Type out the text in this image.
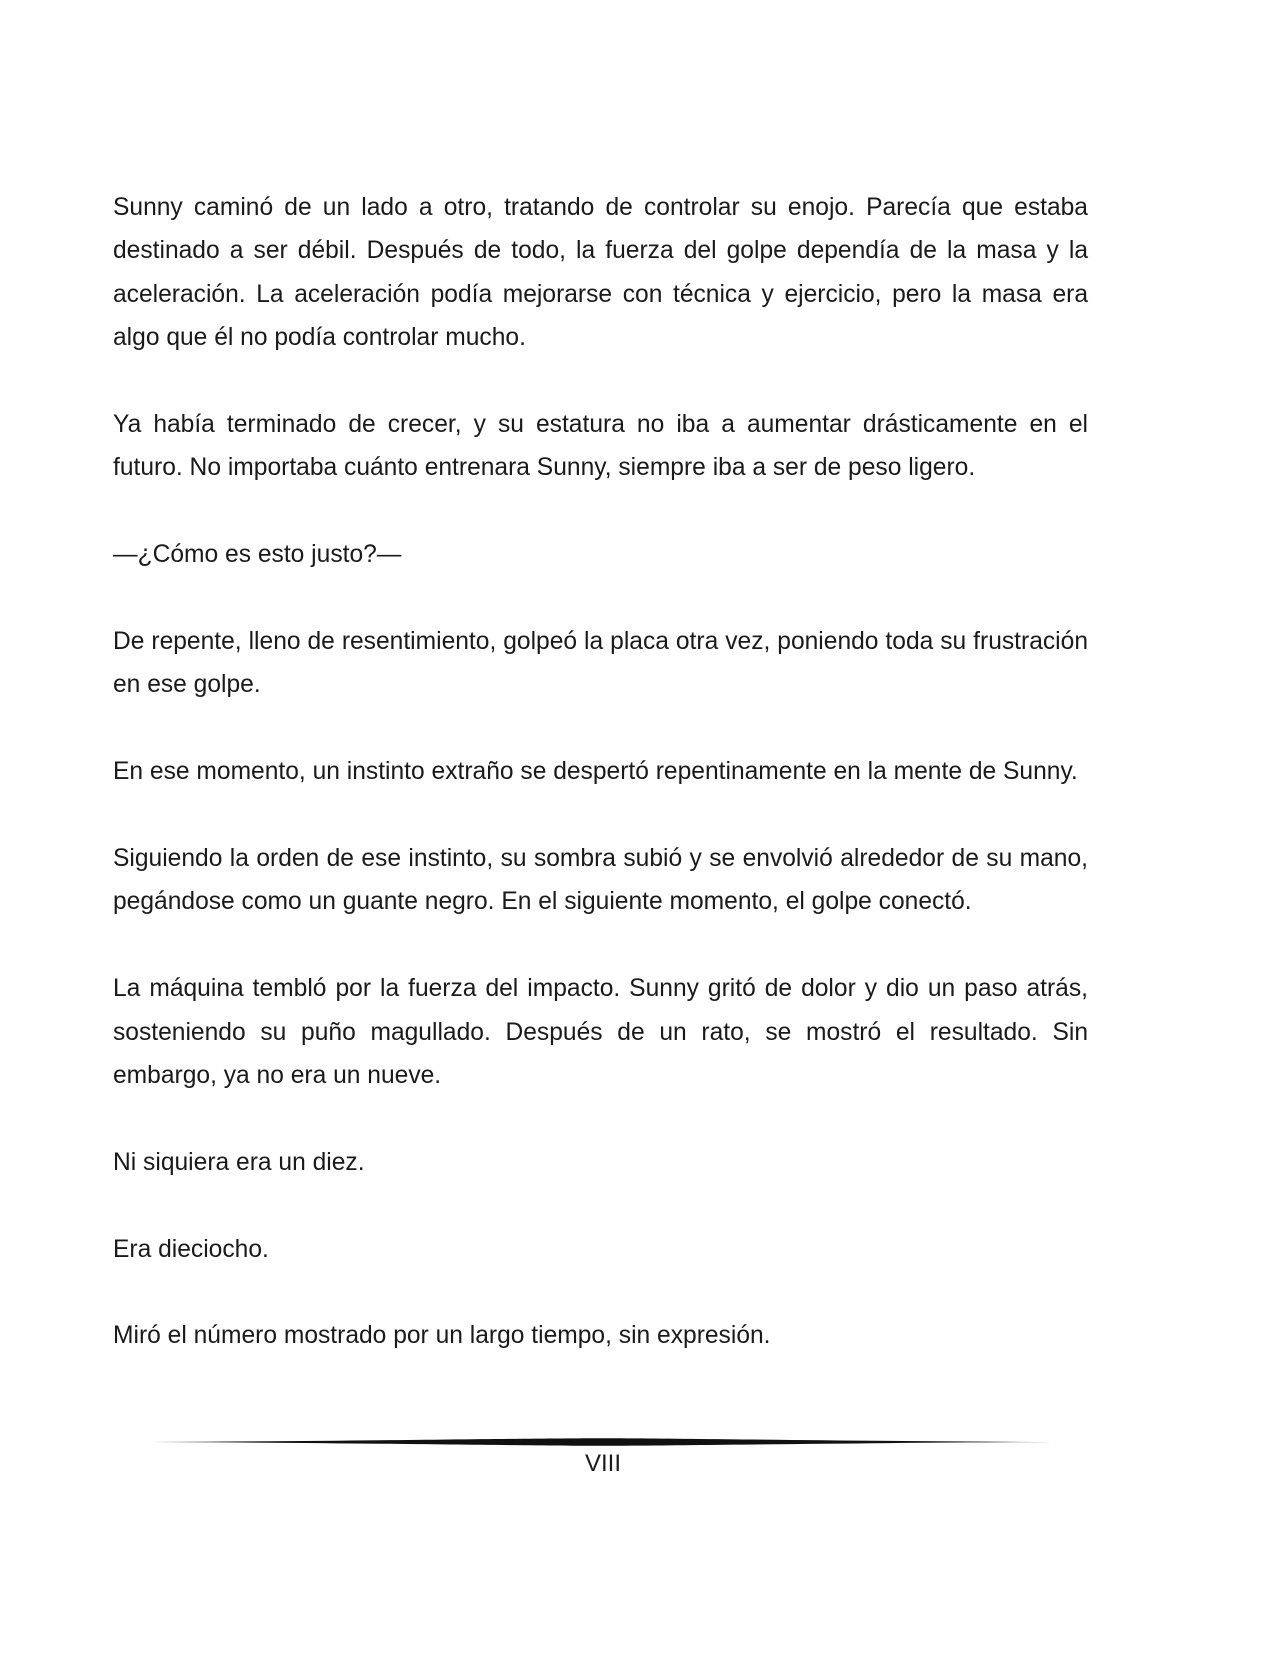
Sunny caminó de un lado a otro, tratando de controlar su enojo. Parecía que estaba destinado a ser débil. Después de todo, la fuerza del golpe dependía de la masa y la aceleración. La aceleración podía mejorarse con técnica y ejercicio, pero la masa era algo que él no podía controlar mucho.

Ya había terminado de crecer, y su estatura no iba a aumentar drásticamente en el futuro. No importaba cuánto entrenara Sunny, siempre iba a ser de peso ligero.

—¿Cómo es esto justo?—

De repente, lleno de resentimiento, golpeó la placa otra vez, poniendo toda su frustración en ese golpe.

En ese momento, un instinto extraño se despertó repentinamente en la mente de Sunny.

Siguiendo la orden de ese instinto, su sombra subió y se envolvió alrededor de su mano, pegándose como un guante negro. En el siguiente momento, el golpe conectó.

La máquina tembló por la fuerza del impacto. Sunny gritó de dolor y dio un paso atrás, sosteniendo su puño magullado. Después de un rato, se mostró el resultado. Sin embargo, ya no era un nueve.

Ni siquiera era un diez.

Era dieciocho.

Miró el número mostrado por un largo tiempo, sin expresión.

VIII
